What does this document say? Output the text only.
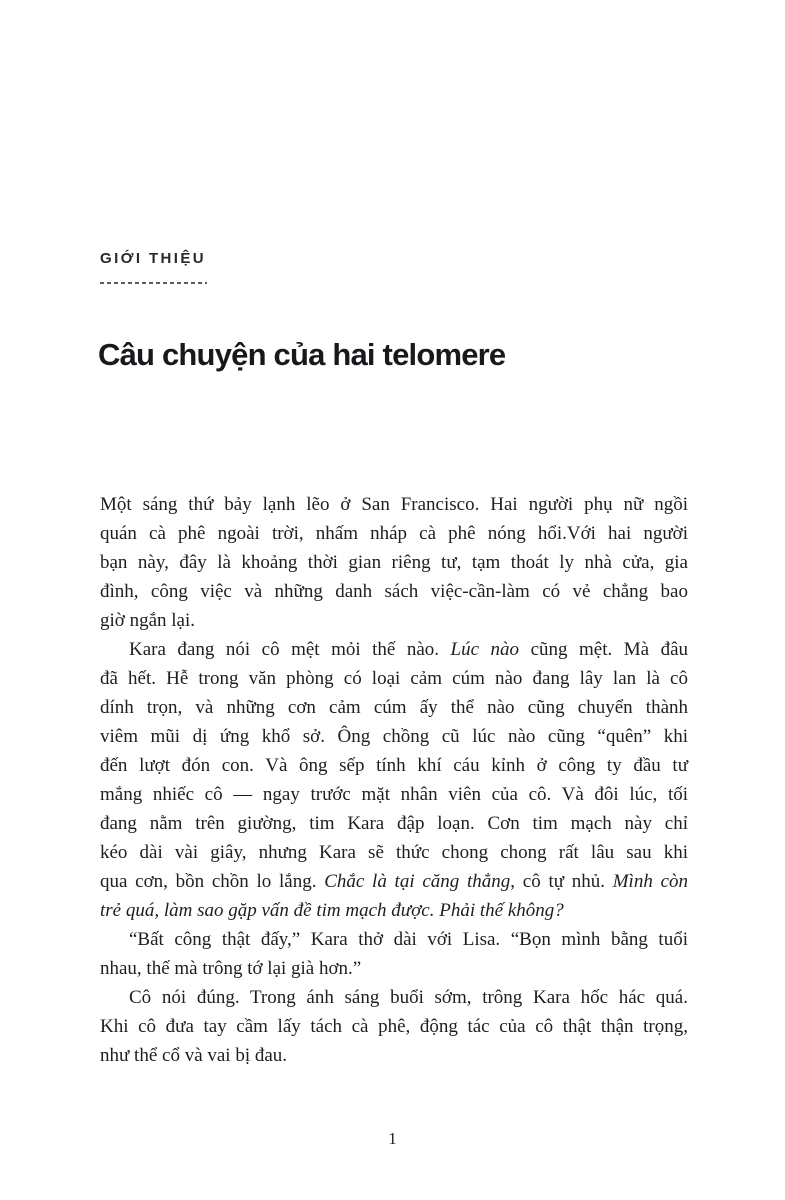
GIỚI THIỆU
Câu chuyện của hai telomere
Một sáng thứ bảy lạnh lẽo ở San Francisco. Hai người phụ nữ ngồi
quán cà phê ngoài trời, nhấm nháp cà phê nóng hổi.Với hai người
bạn này, đây là khoảng thời gian riêng tư, tạm thoát ly nhà cửa, gia
đình, công việc và những danh sách việc-cần-làm có vẻ chẳng bao
giờ ngắn lại.
Kara đang nói cô mệt mỏi thế nào. Lúc nào cũng mệt. Mà đâu
đã hết. Hễ trong văn phòng có loại cảm cúm nào đang lây lan là cô
dính trọn, và những cơn cảm cúm ấy thể nào cũng chuyển thành
viêm mũi dị ứng khổ sở. Ông chồng cũ lúc nào cũng “quên” khi
đến lượt đón con. Và ông sếp tính khí cáu kỉnh ở công ty đầu tư
mắng nhiếc cô — ngay trước mặt nhân viên của cô. Và đôi lúc, tối
đang nằm trên giường, tim Kara đập loạn. Cơn tim mạch này chỉ
kéo dài vài giây, nhưng Kara sẽ thức chong chong rất lâu sau khi
qua cơn, bồn chồn lo lắng. Chắc là tại căng thẳng, cô tự nhủ. Mình còn
trẻ quá, làm sao gặp vấn đề tim mạch được. Phải thế không?
“Bất công thật đấy,” Kara thở dài với Lisa. “Bọn mình bằng tuổi
nhau, thế mà trông tớ lại già hơn.”
Cô nói đúng. Trong ánh sáng buổi sớm, trông Kara hốc hác quá.
Khi cô đưa tay cầm lấy tách cà phê, động tác của cô thật thận trọng,
như thể cổ và vai bị đau.
1
